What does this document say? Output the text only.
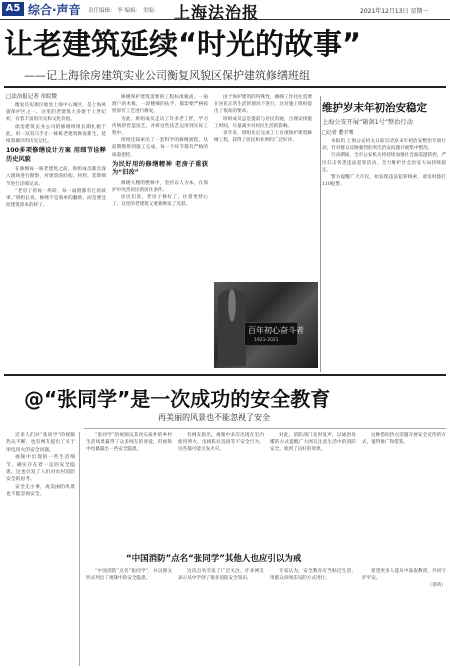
A5 综合·声音 责任编辑： 李 编辑： 美编： 上海法治报	2021年12月13日 星期一
让老建筑延续“时光的故事”
——记上海徐房建筑实业公司衡复风貌区保护建筑修缮班组
□法治报记者 章皖微

衡复历史街区地处上海中心城区，是上海风貌保护区之一。这里的老建筑大多建于上世纪初，有着丰富的历史和文化价值。

徐房建筑实业公司的修缮班组长期扎根于此，用一双双巧手让一栋栋老建筑焕发新生，延续着城市的历史记忆。

100多项修缮设计方案 用细节诠释历史风貌

在修缮每一栋老建筑之前，班组成员都会深入现场进行勘察，对建筑的结构、材料、装饰细节进行详细记录。

“老房子的每一块砖、每一扇窗都有它的故事。”班组长说，修缮不是简单的翻新，而是要还原建筑原本的样子。

修缮保护建筑需要的工程标准极高。一扇窗户的木框，一段楼梯的扶手，都需要严格按照原有工艺进行修复。

为此，班组成员走访了许多老工匠，学习传统的营造技艺，并将这些技艺运用到实际工程中。

班组还探索出了一套科学的修缮流程，从前期勘察到施工完成，每一个环节都有严格的质量把控。

为民好用的修缮精神 老房子重获为“旧改”

修缮大楼的整修中，坚持以人为本，在保护中改善居民的居住条件。

居民们说，老房子修好了，住着更舒心了，这里的老建筑又重新焕发了光彩。

由于保护建筑的特殊性，修缮工作往往需要在居民正常生活的情况下进行，这对施工组织提出了很高的要求。

班组成员总是提前与居民沟通，合理安排施工时间，尽量减少对居民生活的影响。

多年来，班组先后完成了上百项保护建筑修缮工程，获得了居民和业界的广泛好评。

百年初心奋斗者
1921-2021
维护岁末年初治安稳定
上海公安开展“砺剑1号”整治行动
□记者 董宇骞

本报讯 上海公安机关日前启动岁末年初治安整治专项行动，针对群众反映强烈的突出治安问题开展集中整治。

行动期间，全市公安机关将持续加强社会面巡逻防控，严厉打击各类违法犯罪活动，全力维护社会治安大局持续稳定。

警方提醒广大市民，如发现违法犯罪线索，请及时拨打110报警。

@“张同学”是一次成功的安全教育
再美丽的风景也不能忽视了安全

近来人们对“张同学”的视频热议不断，也有网友提出了关于用电用火的安全问题。

视频中出现的一些生活细节，确实存在着一定的安全隐患，这也引发了人们对农村消防安全的思考。

安全无小事，再美丽的风景也不能忽视安全。

“张同学”的视频以其真实质朴的乡村生活场景赢得了众多网友的喜爱，但视频中也暴露出一些安全隐患。

有网友指出，视频中多次出现在室内使用明火、电线私拉乱接等不安全行为，这些都可能引发火灾。

对此，消防部门及时发声，以通俗易懂的方式提醒广大网友注意生活中的消防安全，收到了良好的效果。

这种借助热点话题开展安全宣传的方式，值得推广和借鉴。

“中国消防”点名“张同学”其他人也应引以为戒

“中国消防”点名“张同学”，并以图文形式列出了视频中的安全隐患。

这次点名引发了广泛关注，许多网友表示从中学到了很多消防安全知识。

专家认为，安全教育应当贴近生活，用群众喜闻乐见的方式进行。

希望更多人能从中汲取教训，共同守护平安。

（徐英）
